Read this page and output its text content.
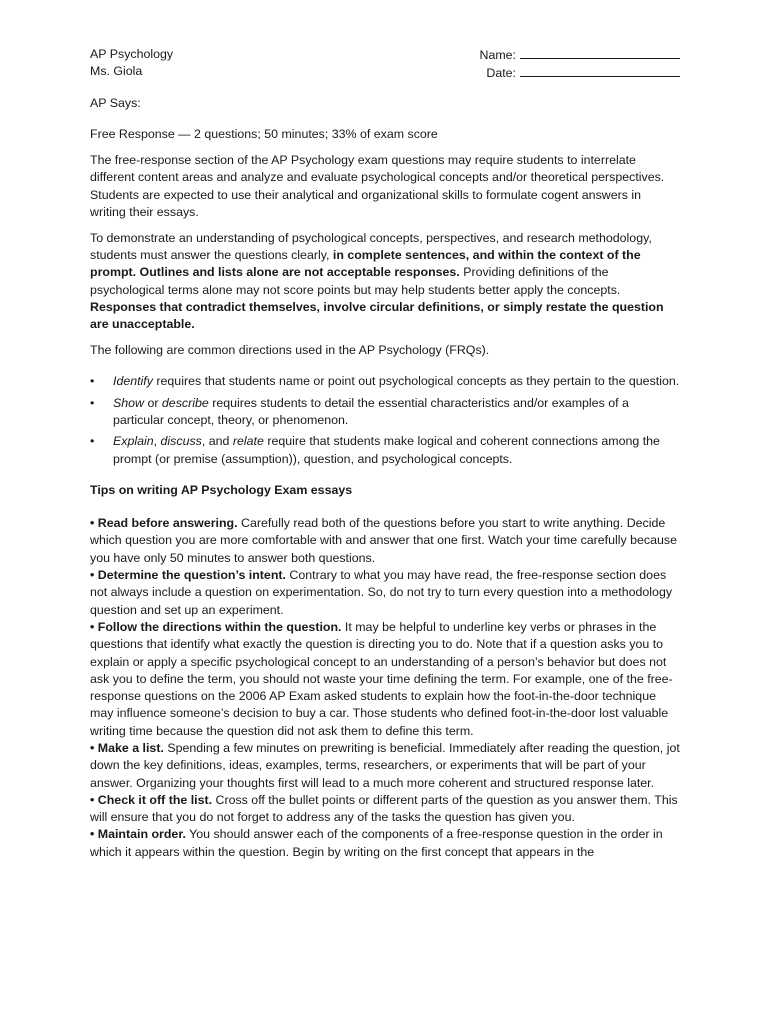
AP Psychology
Ms. Giola
Name:
Date:

AP Says:

Free Response — 2 questions; 50 minutes; 33% of exam score

The free-response section of the AP Psychology exam questions may require students to interrelate different content areas and analyze and evaluate psychological concepts and/or theoretical perspectives. Students are expected to use their analytical and organizational skills to formulate cogent answers in writing their essays.

To demonstrate an understanding of psychological concepts, perspectives, and research methodology, students must answer the questions clearly, in complete sentences, and within the context of the prompt. Outlines and lists alone are not acceptable responses. Providing definitions of the psychological terms alone may not score points but may help students better apply the concepts. Responses that contradict themselves, involve circular definitions, or simply restate the question are unacceptable.

The following are common directions used in the AP Psychology (FRQs).

• Identify requires that students name or point out psychological concepts as they pertain to the question.
• Show or describe requires students to detail the essential characteristics and/or examples of a particular concept, theory, or phenomenon.
• Explain, discuss, and relate require that students make logical and coherent connections among the prompt (or premise (assumption)), question, and psychological concepts.

Tips on writing AP Psychology Exam essays

• Read before answering. Carefully read both of the questions before you start to write anything. Decide which question you are more comfortable with and answer that one first. Watch your time carefully because you have only 50 minutes to answer both questions.

• Determine the question’s intent. Contrary to what you may have read, the free-response section does not always include a question on experimentation. So, do not try to turn every question into a methodology question and set up an experiment.

• Follow the directions within the question. It may be helpful to underline key verbs or phrases in the questions that identify what exactly the question is directing you to do. Note that if a question asks you to explain or apply a specific psychological concept to an understanding of a person’s behavior but does not ask you to define the term, you should not waste your time defining the term. For example, one of the free-response questions on the 2006 AP Exam asked students to explain how the foot-in-the-door technique may influence someone’s decision to buy a car. Those students who defined foot-in-the-door lost valuable writing time because the question did not ask them to define this term.

• Make a list. Spending a few minutes on prewriting is beneficial. Immediately after reading the question, jot down the key definitions, ideas, examples, terms, researchers, or experiments that will be part of your answer. Organizing your thoughts first will lead to a much more coherent and structured response later.

• Check it off the list. Cross off the bullet points or different parts of the question as you answer them. This will ensure that you do not forget to address any of the tasks the question has given you.

• Maintain order. You should answer each of the components of a free-response question in the order in which it appears within the question. Begin by writing on the first concept that appears in the
